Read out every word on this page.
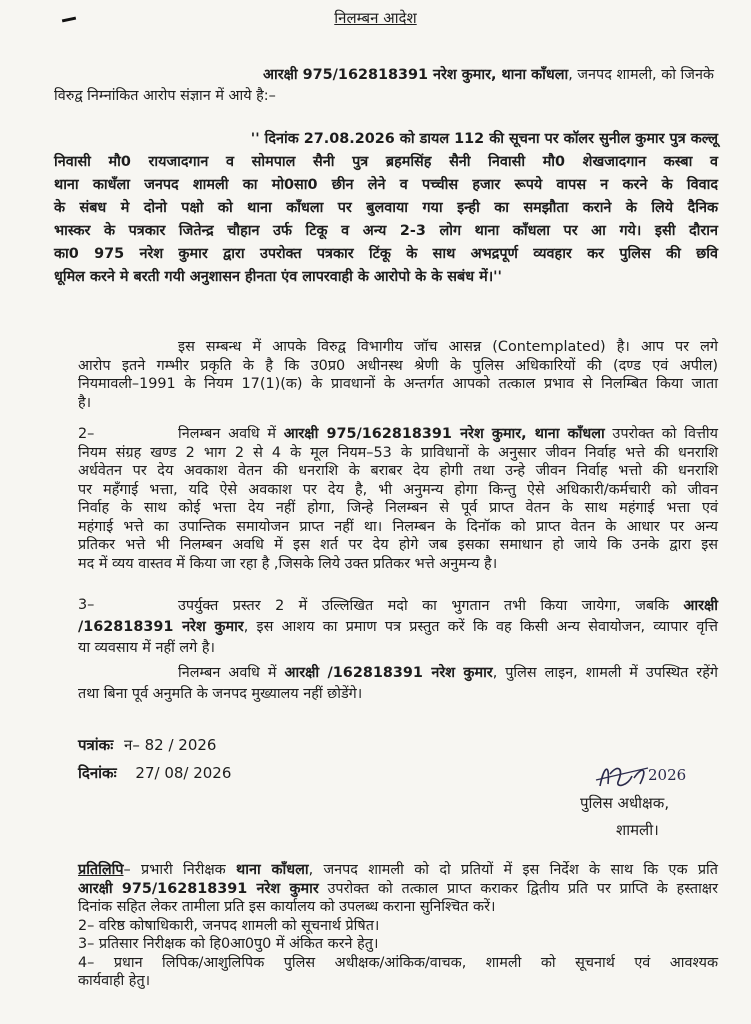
निलम्बन आदेश
आरक्षी 975/162818391 नरेश कुमार, थाना काँधला, जनपद शामली, को जिनके
विरुद्व निम्नांकित आरोप संज्ञान में आये है:–
'' दिनांक 27.08.2026 को डायल 112 की सूचना पर कॉलर सुनील कुमार पुत्र कल्लू
निवासी मौ0 रायजादगान व सोमपाल सैनी पुत्र ब्रहमसिंह सैनी निवासी मौ0 शेखजादगान कस्बा व
थाना काधँला जनपद शामली का मो0सा0 छीन लेने व पच्चीस हजार रूपये वापस न करने के विवाद
के संबध मे दोनो पक्षो को थाना काँधला पर बुलवाया गया इन्ही का समझौता कराने के लिये दैनिक
भास्कर के पत्रकार जितेन्द्र चौहान उर्फ टिकू व अन्य 2-3 लोग थाना काँधला पर आ गये। इसी दौरान
का0 975 नरेश कुमार द्वारा उपरोक्त पत्रकार टिंकू के साथ अभद्रपूर्ण व्यवहार कर पुलिस की छवि
धूमिल करने मे बरती गयी अनुशासन हीनता एंव लापरवाही के आरोपो के के सबंध में।''
इस सम्बन्ध में आपके विरुद्व विभागीय जॉच आसन्न (Contemplated) है। आप पर लगे
आरोप इतने गम्भीर प्रकृति के है कि उ0प्र0 अधीनस्थ श्रेणी के पुलिस अधिकारियों की (दण्ड एवं अपील)
नियमावली–1991 के नियम 17(1)(क) के प्रावधानों के अन्तर्गत आपको तत्काल प्रभाव से निलम्बित किया जाता
है।
2–	निलम्बन अवधि में आरक्षी 975/162818391 नरेश कुमार, थाना काँधला उपरोक्त को वित्तीय
नियम संग्रह खण्ड 2 भाग 2 से 4 के मूल नियम–53 के प्राविधानों के अनुसार जीवन निर्वाह भत्ते की धनराशि
अर्धवेतन पर देय अवकाश वेतन की धनराशि के बराबर देय होगी तथा उन्हे जीवन निर्वाह भत्तो की धनराशि
पर महँगाई भत्ता, यदि ऐसे अवकाश पर देय है, भी अनुमन्य होगा किन्तु ऐसे अधिकारी/कर्मचारी को जीवन
निर्वाह के साथ कोई भत्ता देय नहीं होगा, जिन्हे निलम्बन से पूर्व प्राप्त वेतन के साथ महंगाई भत्ता एवं
महंगाई भत्ते का उपान्तिक समायोजन प्राप्त नहीं था। निलम्बन के दिनॉक को प्राप्त वेतन के आधार पर अन्य
प्रतिकर भत्ते भी निलम्बन अवधि में इस शर्त पर देय होगे जब इसका समाधान हो जाये कि उनके द्वारा इस
मद में व्यय वास्तव में किया जा रहा है ,जिसके लिये उक्त प्रतिकर भत्ते अनुमन्य है।
3–	उपर्युक्त प्रस्तर 2 में उल्लिखित मदो का भुगतान तभी किया जायेगा, जबकि आरक्षी
/162818391 नरेश कुमार, इस आशय का प्रमाण पत्र प्रस्तुत करें कि वह किसी अन्य सेवायोजन, व्यापार वृत्ति
या व्यवसाय में नहीं लगे है।
निलम्बन अवधि में आरक्षी /162818391 नरेश कुमार, पुलिस लाइन, शामली में उपस्थित रहेंगे
तथा बिना पूर्व अनुमति के जनपद मुख्यालय नहीं छोडेंगे।
पत्रांकः न– 82 / 2026
दिनांकः 27/ 08/ 2026	2026
पुलिस अधीक्षक,
शामली।
प्रतिलिपि– प्रभारी निरीक्षक थाना काँधला, जनपद शामली को दो प्रतियों में इस निर्देश के साथ कि एक प्रति
आरक्षी 975/162818391 नरेश कुमार उपरोक्त को तत्काल प्राप्त कराकर द्वितीय प्रति पर प्राप्ति के हस्ताक्षर
दिनांक सहित लेकर तामीला प्रति इस कार्यालय को उपलब्ध कराना सुनिश्चित करें।
2– वरिष्ठ कोषाधिकारी, जनपद शामली को सूचनार्थ प्रेषित।
3– प्रतिसार निरीक्षक को हि0आ0पु0 में अंकित करने हेतु।
4– प्रधान लिपिक/आशुलिपिक पुलिस अधीक्षक/आंकिक/वाचक, शामली को सूचनार्थ एवं आवश्यक
कार्यवाही हेतु।
